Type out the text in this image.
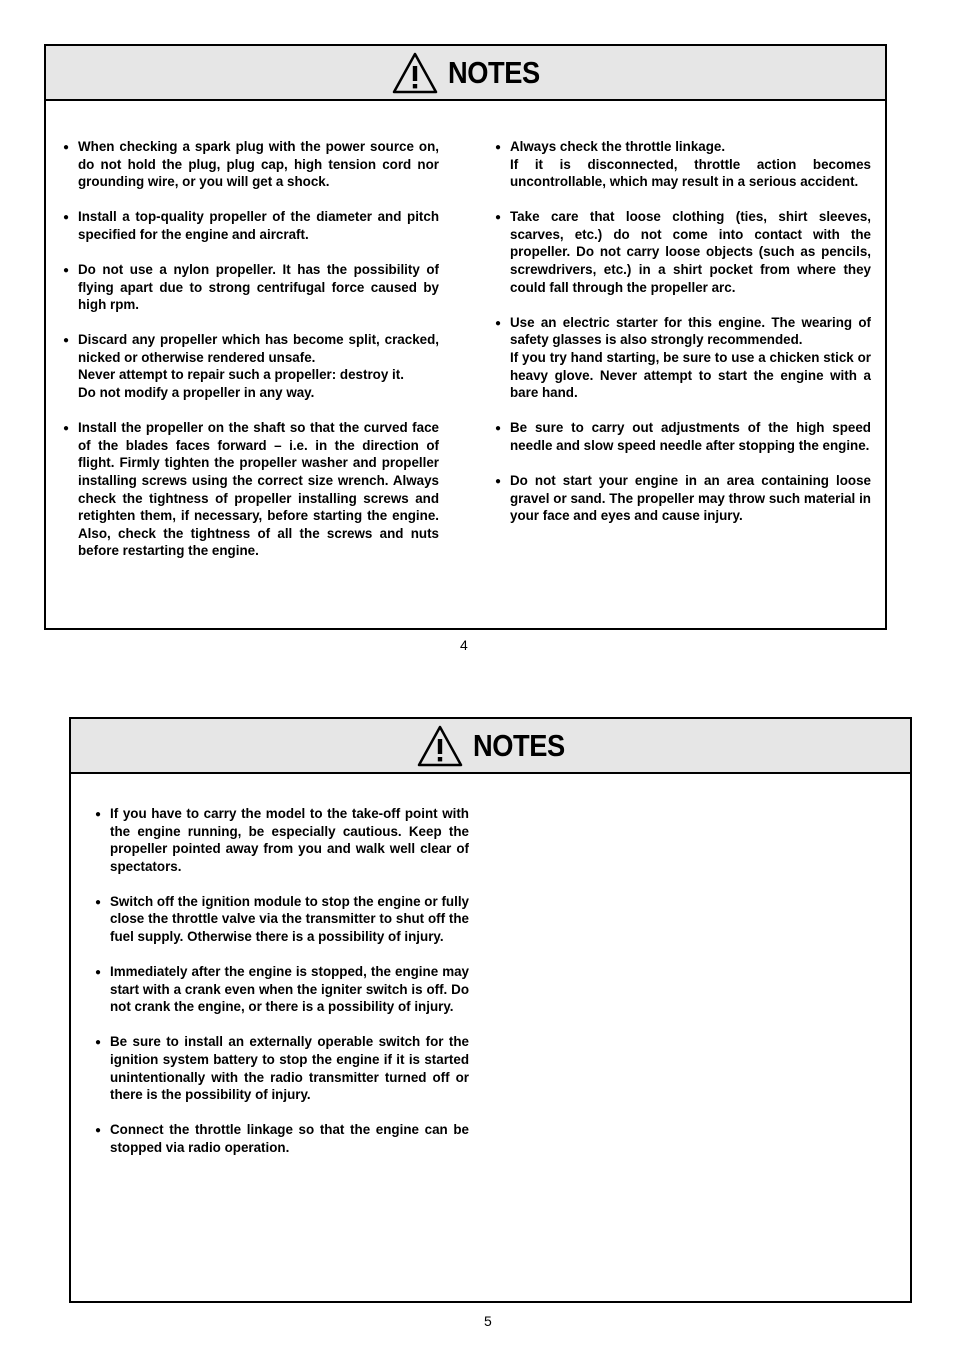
NOTES
● When checking a spark plug with the power source on, do not hold the plug, plug cap, high tension cord nor grounding wire, or you will get a shock.
● Install a top-quality propeller of the diameter and pitch specified for the engine and aircraft.
● Do not use a nylon propeller. It has the possibility of flying apart due to strong centrifugal force caused by high rpm.
● Discard any propeller which has become split, cracked, nicked or otherwise rendered unsafe.
Never attempt to repair such a propeller: destroy it.
Do not modify a propeller in any way.
● Install the propeller on the shaft so that the curved face of the blades faces forward – i.e. in the direction of flight. Firmly tighten the propeller washer and propeller installing screws using the correct size wrench. Always check the tightness of propeller installing screws and retighten them, if necessary, before starting the engine. Also, check the tightness of all the screws and nuts before restarting the engine.
● Always check the throttle linkage.
If it is disconnected, throttle action becomes uncontrollable, which may result in a serious accident.
● Take care that loose clothing (ties, shirt sleeves, scarves, etc.) do not come into contact with the propeller. Do not carry loose objects (such as pencils, screwdrivers, etc.) in a shirt pocket from where they could fall through the propeller arc.
● Use an electric starter for this engine. The wearing of safety glasses is also strongly recommended.
If you try hand starting, be sure to use a chicken stick or heavy glove. Never attempt to start the engine with a bare hand.
● Be sure to carry out adjustments of the high speed needle and slow speed needle after stopping the engine.
● Do not start your engine in an area containing loose gravel or sand. The propeller may throw such material in your face and eyes and cause injury.
4
NOTES
● If you have to carry the model to the take-off point with the engine running, be especially cautious. Keep the propeller pointed away from you and walk well clear of spectators.
● Switch off the ignition module to stop the engine or fully close the throttle valve via the transmitter to shut off the fuel supply. Otherwise there is a possibility of injury.
● Immediately after the engine is stopped, the engine may start with a crank even when the igniter switch is off. Do not crank the engine, or there is a possibility of injury.
● Be sure to install an externally operable switch for the ignition system battery to stop the engine if it is started unintentionally with the radio transmitter turned off or there is the possibility of injury.
● Connect the throttle linkage so that the engine can be stopped via radio operation.
5
